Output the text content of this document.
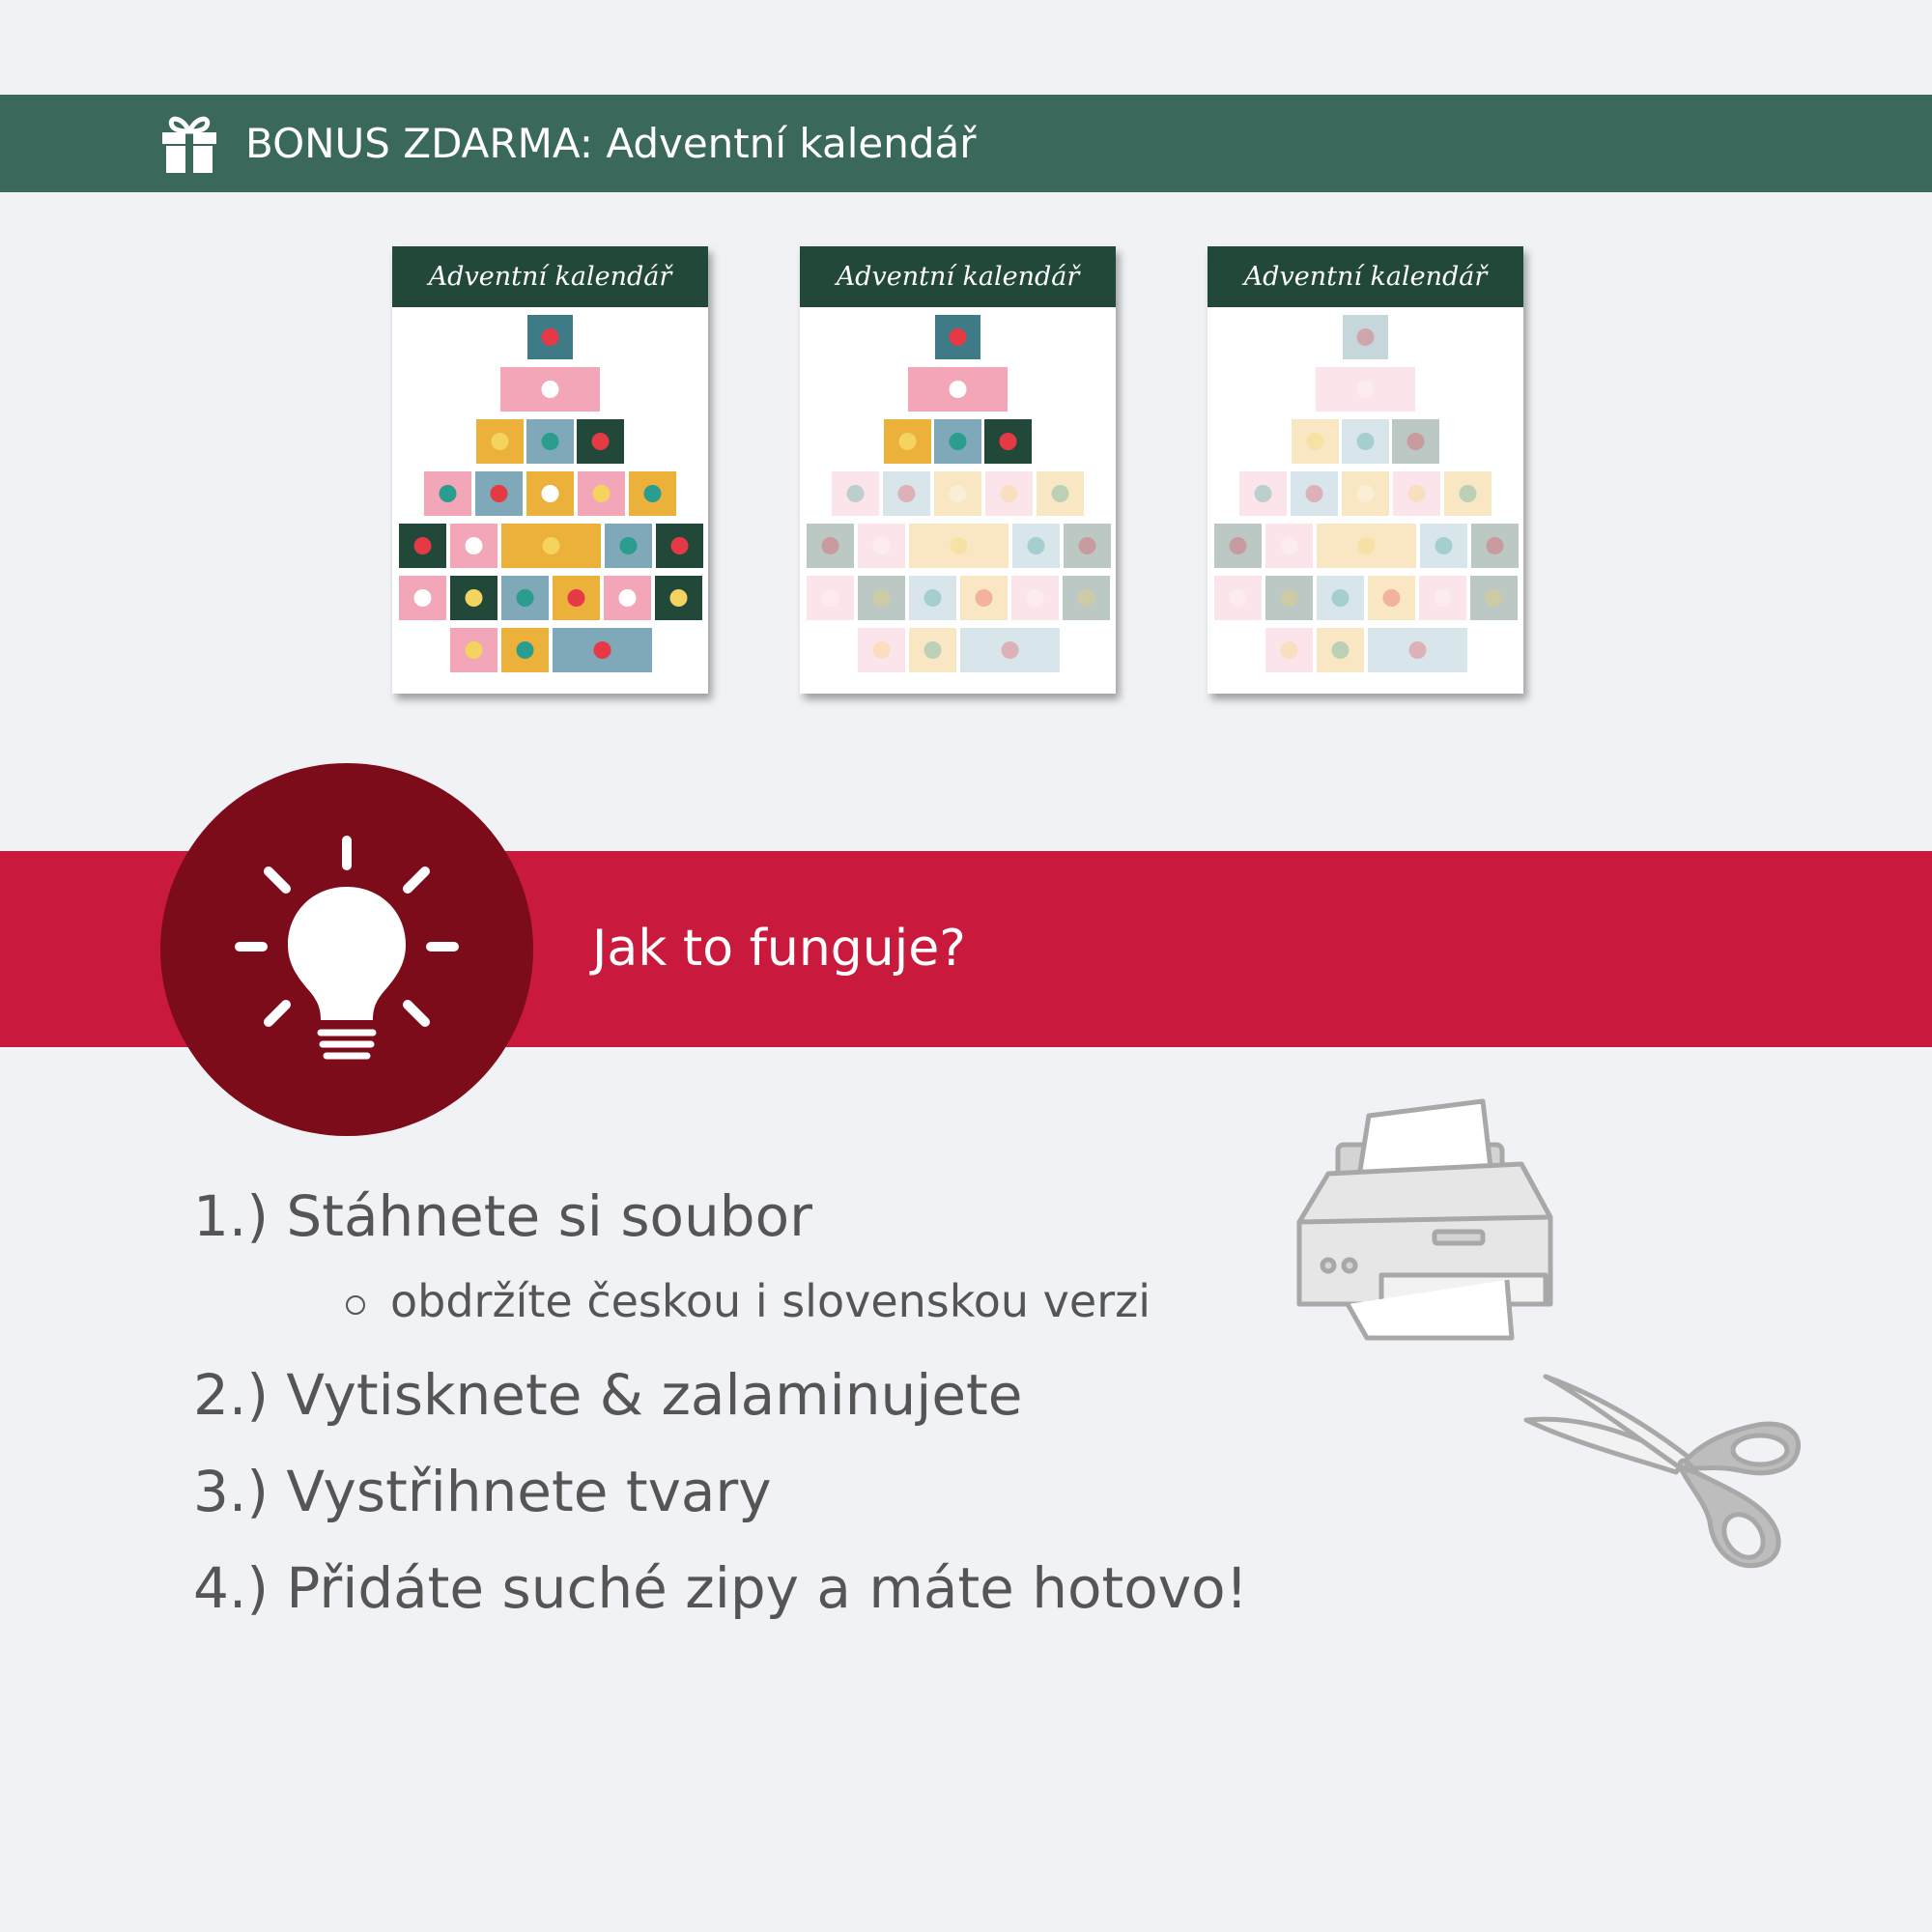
BONUS ZDARMA: Adventní kalendář
Adventní kalendář	Adventní kalendář	Adventní kalendář
Jak to funguje?
1.) Stáhnete si soubor
obdržíte českou i slovenskou verzi
2.) Vytisknete & zalaminujete
3.) Vystřihnete tvary
4.) Přidáte suché zipy a máte hotovo!
